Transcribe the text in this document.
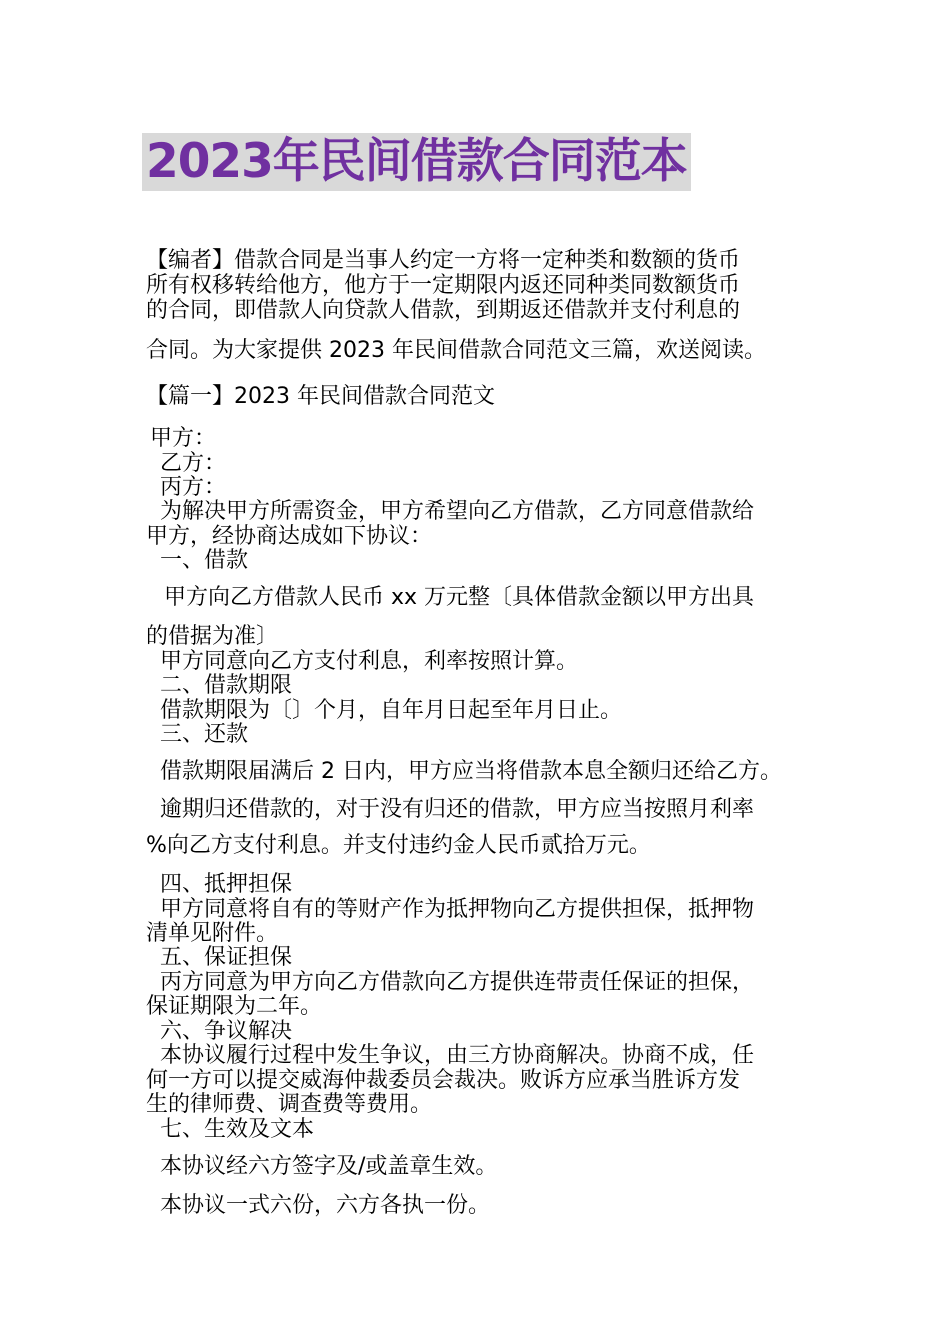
2023年民间借款合同范本
【编者】借款合同是当事人约定一方将一定种类和数额的货币
所有权移转给他方，他方于一定期限内返还同种类同数额货币
的合同，即借款人向贷款人借款，到期返还借款并支付利息的
合同。为大家提供 2023 年民间借款合同范文三篇，欢送阅读。
【篇一】2023 年民间借款合同范文
甲方：
乙方：
丙方：
为解决甲方所需资金，甲方希望向乙方借款，乙方同意借款给
甲方，经协商达成如下协议：
一、借款
甲方向乙方借款人民币 xx 万元整〔具体借款金额以甲方出具
的借据为准〕
甲方同意向乙方支付利息，利率按照计算。
二、借款期限
借款期限为〔〕个月，自年月日起至年月日止。
三、还款
借款期限届满后 2 日内，甲方应当将借款本息全额归还给乙方。
逾期归还借款的，对于没有归还的借款，甲方应当按照月利率
%向乙方支付利息。并支付违约金人民币贰拾万元。
四、抵押担保
甲方同意将自有的等财产作为抵押物向乙方提供担保，抵押物
清单见附件。
五、保证担保
丙方同意为甲方向乙方借款向乙方提供连带责任保证的担保，
保证期限为二年。
六、争议解决
本协议履行过程中发生争议，由三方协商解决。协商不成，任
何一方可以提交威海仲裁委员会裁决。败诉方应承当胜诉方发
生的律师费、调查费等费用。
七、生效及文本
本协议经六方签字及/或盖章生效。
本协议一式六份，六方各执一份。
